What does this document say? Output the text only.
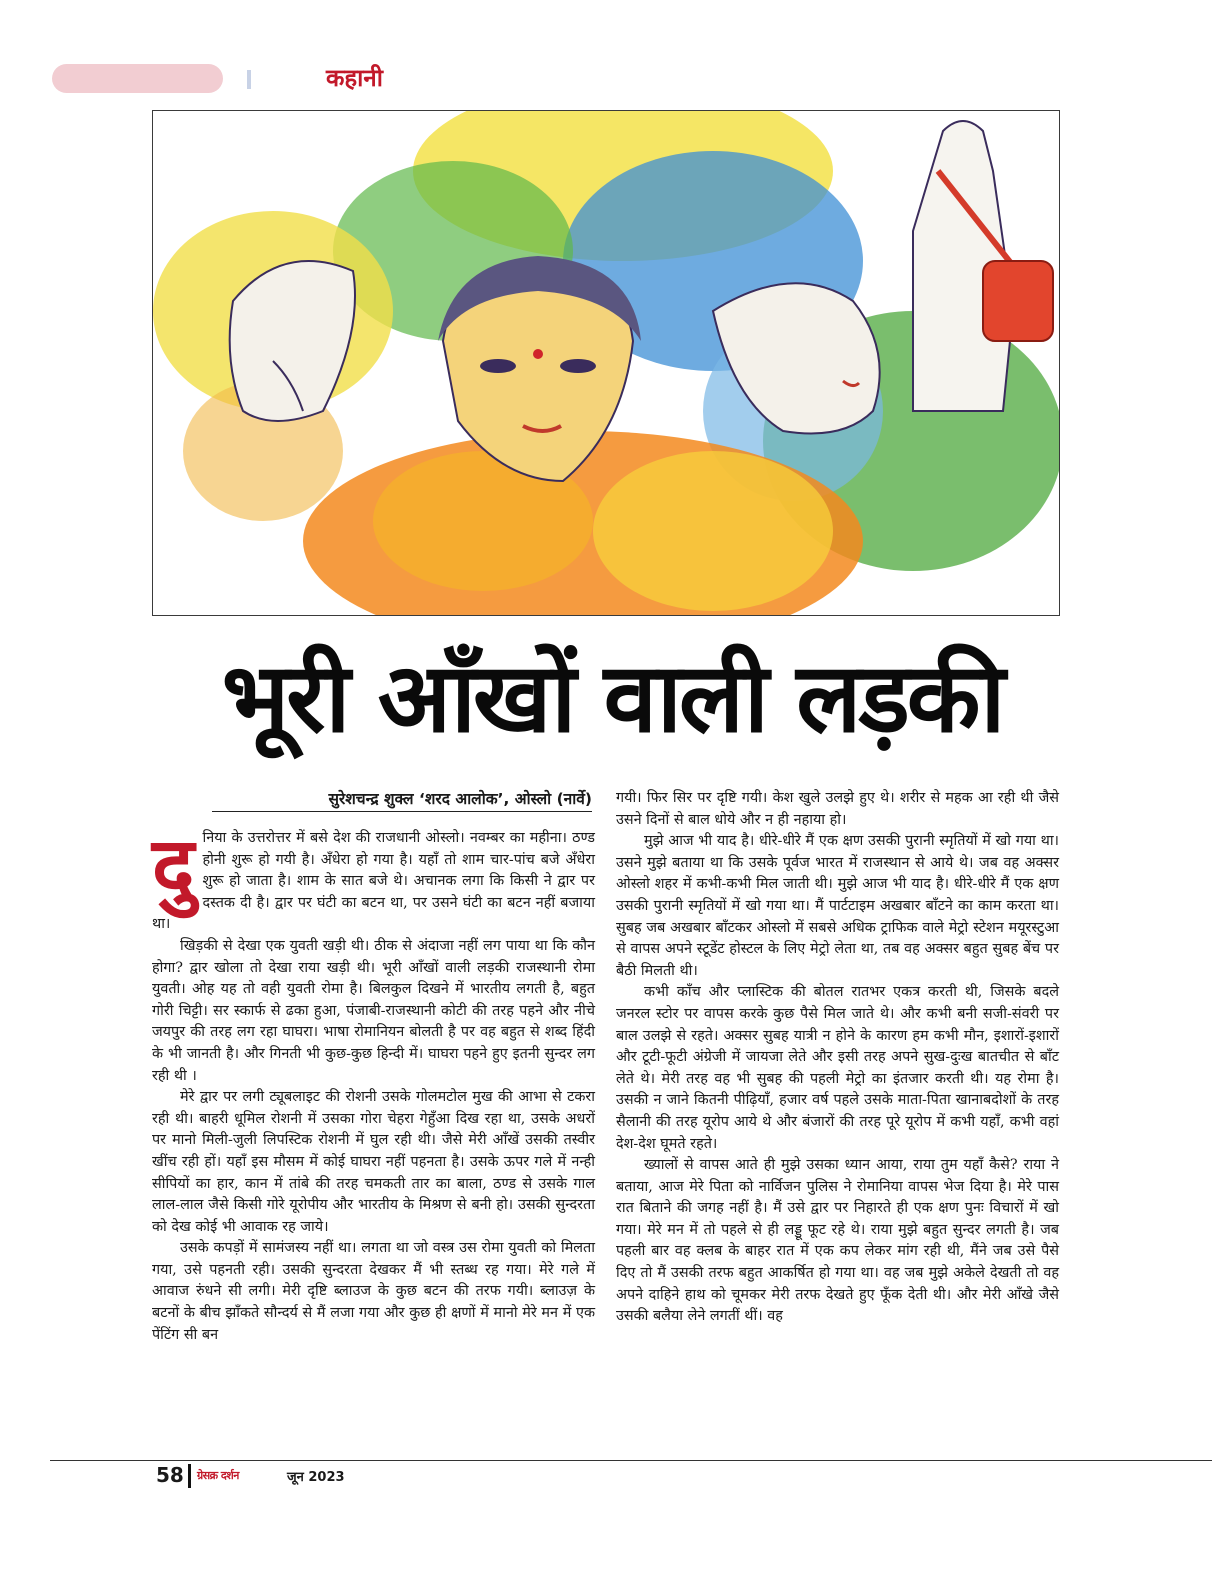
कहानी
भूरी आँखों वाली लड़की
सुरेशचन्द्र शुक्ल ‘शरद आलोक’, ओस्लो (नार्वे)
दु निया के उत्तरोत्तर में बसे देश की राजधानी ओस्लो। नवम्बर का महीना। ठण्ड होनी शुरू हो गयी है। अँधेरा हो गया है। यहाँ तो शाम चार-पांच बजे अँधेरा शुरू हो जाता है। शाम के सात बजे थे। अचानक लगा कि किसी ने द्वार पर दस्तक दी है। द्वार पर घंटी का बटन था, पर उसने घंटी का बटन नहीं बजाया था।

खिड़की से देखा एक युवती खड़ी थी। ठीक से अंदाजा नहीं लग पाया था कि कौन होगा? द्वार खोला तो देखा राया खड़ी थी। भूरी आँखों वाली लड़की राजस्थानी रोमा युवती। ओह यह तो वही युवती रोमा है। बिलकुल दिखने में भारतीय लगती है, बहुत गोरी चिट्टी। सर स्कार्फ से ढका हुआ, पंजाबी-राजस्थानी कोटी की तरह पहने और नीचे जयपुर की तरह लग रहा घाघरा। भाषा रोमानियन बोलती है पर वह बहुत से शब्द हिंदी के भी जानती है। और गिनती भी कुछ-कुछ हिन्दी में। घाघरा पहने हुए इतनी सुन्दर लग रही थी ।

मेरे द्वार पर लगी ट्यूबलाइट की रोशनी उसके गोलमटोल मुख की आभा से टकरा रही थी। बाहरी धूमिल रोशनी में उसका गोरा चेहरा गेहुँआ दिख रहा था, उसके अधरों पर मानो मिली-जुली लिपस्टिक रोशनी में घुल रही थी। जैसे मेरी आँखें उसकी तस्वीर खींच रही हों। यहाँ इस मौसम में कोई घाघरा नहीं पहनता है। उसके ऊपर गले में नन्ही सीपियों का हार, कान में तांबे की तरह चमकती तार का बाला, ठण्ड से उसके गाल लाल-लाल जैसे किसी गोरे यूरोपीय और भारतीय के मिश्रण से बनी हो। उसकी सुन्दरता को देख कोई भी आवाक रह जाये।

उसके कपड़ों में सामंजस्य नहीं था। लगता था जो वस्त्र उस रोमा युवती को मिलता गया, उसे पहनती रही। उसकी सुन्दरता देखकर मैं भी स्तब्ध रह गया। मेरे गले में आवाज रुंधने सी लगी। मेरी दृष्टि ब्लाउज के कुछ बटन की तरफ गयी। ब्लाउज़ के बटनों के बीच झाँकते सौन्दर्य से मैं लजा गया और कुछ ही क्षणों में मानो मेरे मन में एक पेंटिंग सी बन

गयी। फिर सिर पर दृष्टि गयी। केश खुले उलझे हुए थे। शरीर से महक आ रही थी जैसे उसने दिनों से बाल धोये और न ही नहाया हो।

मुझे आज भी याद है। धीरे-धीरे मैं एक क्षण उसकी पुरानी स्मृतियों में खो गया था। उसने मुझे बताया था कि उसके पूर्वज भारत में राजस्थान से आये थे। जब वह अक्सर ओस्लो शहर में कभी-कभी मिल जाती थी। मुझे आज भी याद है। धीरे-धीरे मैं एक क्षण उसकी पुरानी स्मृतियों में खो गया था। मैं पार्टटाइम अखबार बाँटने का काम करता था। सुबह जब अखबार बाँटकर ओस्लो में सबसे अधिक ट्राफिक वाले मेट्रो स्टेशन मयूरस्टुआ से वापस अपने स्टूडेंट होस्टल के लिए मेट्रो लेता था, तब वह अक्सर बहुत सुबह बेंच पर बैठी मिलती थी।

कभी काँच और प्लास्टिक की बोतल रातभर एकत्र करती थी, जिसके बदले जनरल स्टोर पर वापस करके कुछ पैसे मिल जाते थे। और कभी बनी सजी-संवरी पर बाल उलझे से रहते। अक्सर सुबह यात्री न होने के कारण हम कभी मौन, इशारों-इशारों और टूटी-फूटी अंग्रेजी में जायजा लेते और इसी तरह अपने सुख-दुःख बातचीत से बाँट लेते थे। मेरी तरह वह भी सुबह की पहली मेट्रो का इंतजार करती थी। यह रोमा है। उसकी न जाने कितनी पीढ़ियाँ, हजार वर्ष पहले उसके माता-पिता खानाबदोशों के तरह सैलानी की तरह यूरोप आये थे और बंजारों की तरह पूरे यूरोप में कभी यहाँ, कभी वहां देश-देश घूमते रहते।

ख्यालों से वापस आते ही मुझे उसका ध्यान आया, राया तुम यहाँ कैसे? राया ने बताया, आज मेरे पिता को नार्विजन पुलिस ने रोमानिया वापस भेज दिया है। मेरे पास रात बिताने की जगह नहीं है। मैं उसे द्वार पर निहारते ही एक क्षण पुनः विचारों में खो गया। मेरे मन में तो पहले से ही लड्डू फूट रहे थे। राया मुझे बहुत सुन्दर लगती है। जब पहली बार वह क्लब के बाहर रात में एक कप लेकर मांग रही थी, मैंने जब उसे पैसे दिए तो मैं उसकी तरफ बहुत आकर्षित हो गया था। वह जब मुझे अकेले देखती तो वह अपने दाहिने हाथ को चूमकर मेरी तरफ देखते हुए फूँक देती थी। और मेरी आँखे जैसे उसकी बलैया लेने लगतीं थीं। वह

58 ग्रेसक्र दर्शन	जून 2023
